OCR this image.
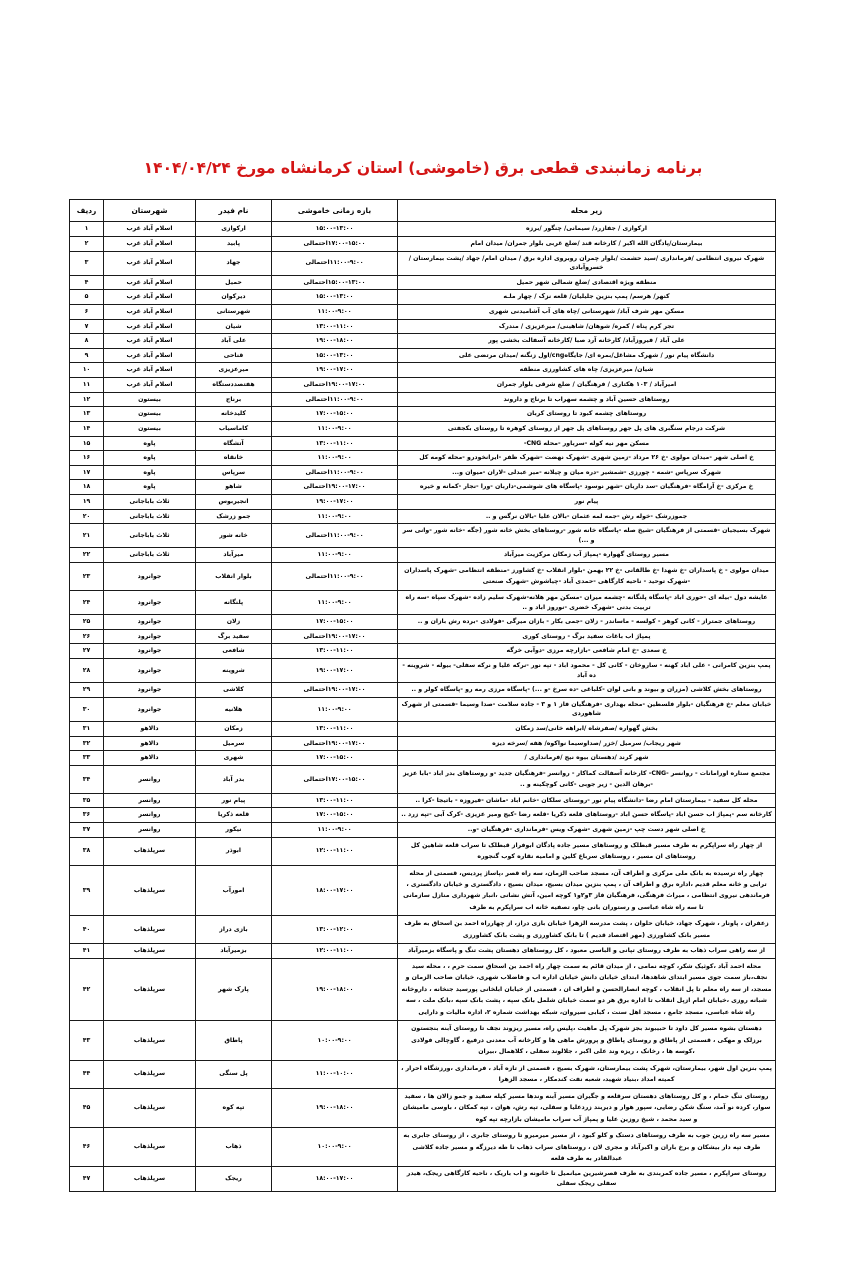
برنامه زمانبندی قطعی برق (خاموشی) استان کرمانشاه مورخ ۱۴۰۴/۰۴/۲۴
زیر محله	بازه زمانی خاموشی	نام فیدر	شهرستان	ردیف
ارکوازی / جفازرد/ سیمانی/ چنگور /برزه	۱۵:۰۰-۱۳:۰۰	ارکوازی	اسلام آباد غرب	۱
بیمارستان/پادگان الله اکبر / کارخانه قند /ضلع غربی بلوار جمران/ میدان امام	۱۷:۰۰-۱۵:۰۰احتمالی	پابید	اسلام آباد غرب	۲
شهرک نیروی انتظامی /فرمانداری /سید حشمت /بلوار چمران روبروی اداره برق / میدان امام/ جهاد /پشت بیمارستان / خسروآبادی	۱۱:۰۰-۹:۰۰احتمالی	جهاد	اسلام آباد غرب	۳
منطقه ویژه اقتصادی /ضلع شمالی شهر حمیل	۱۵:۰۰-۱۳:۰۰احتمالی	حمیل	اسلام آباد غرب	۴
کنهر/ هرسم/ پمپ بنزین جلیلیان/ قلعه نزک / چهار ملـه	۱۵:۰۰-۱۳:۰۰	دیرکوان	اسلام آباد غرب	۵
مسکن مهر شرف آباد/ شهرستانی /چاه های آب آشامیدنی شهری	۱۱:۰۰-۹:۰۰	شهرستانی	اسلام آباد غرب	۶
تجر کرم پناه / کمره/ شوهان/ شاهینی/ میرعزیزی / مندرک	۱۳:۰۰-۱۱:۰۰	شیان	اسلام آباد غرب	۷
علی آباد / فیروزآباد/ کارخانه آرد صبا /کارخانه آسفالت بخشی پور	۱۹:۰۰-۱۸:۰۰	علی آباد	اسلام آباد غرب	۸
دانشگاه پیام نور / شهرک مشاغل/بمره ای/ جایگاهcng/اول زنگنه /میدان مرتضی علی	۱۵:۰۰-۱۳:۰۰	قناحی	اسلام آباد غرب	۹
شیان/ میرعزیزی/ چاه های کشاورزی منطقه	۱۹:۰۰-۱۷:۰۰	میرعزیزی	اسلام آباد غرب	۱۰
امیرآباد / ۱۰۳ هکتاری / فرهنگیان / ضلع شرقی بلوار جمران	۱۹:۰۰-۱۷:۰۰احتمالی	هفتصددستگاه	اسلام آباد غرب	۱۱
روستاهای حسین آباد و چشمه سهراب تا برناج و داروند	۱۱:۰۰-۹:۰۰احتمالی	برناج	بیستون	۱۲
روستاهای چشمه کبود تا روستای کربان	۱۷:۰۰-۱۵:۰۰	کلیدخانه	بیستون	۱۳
شرکت درجام سنگبری های پل جهر روستاهای پل جهر از روستای کوهره تا روستای بکجفتی	۱۱:۰۰-۹:۰۰	کاماسیاب	بیستون	۱۴
مسکن مهر نیه کوله -سرباور -محله CNG-	۱۳:۰۰-۱۱:۰۰	آتشگاه	پاوه	۱۵
خ اصلی شهر -میدان مولوی -خ ۲۶ مرداد -زمین شهری -شهرک نهضت -شهرک ظفر -ایرانخودرو -محله کومه کل	۱۱:۰۰-۹:۰۰	خانقاه	پاوه	۱۶
شهرک سرپاس -شمه - چورزی -شمشیر -دره میان و چیلانه -میر عبدلی -لاران -میوان و...	۱۱:۰۰-۹:۰۰احتمالی	سرپاس	پاوه	۱۷
خ مرکزی -خ آرامگاه -فرهنگیان -سد داربان -شهر نوسود -پاسگاه های شوشمی-داربان -ورا -نجار -کمانه و خیره	۱۹:۰۰-۱۷:۰۰احتمالی	شاهو	پاوه	۱۸
پیام نور	۱۹:۰۰-۱۷:۰۰	انجیربوس	ثلاث باباجانی	۱۹
جموزرشک -خوله رش -جمه لمه عثمان -بالان علیا -بالان نرگس و ..	۱۱:۰۰-۹:۰۰	جمو زرشک	ثلاث باباجانی	۲۰
شهرک بسیجیان -قسمتی از فرهنگیان -شیخ صله -پاسگاه خانه شور -روستاهای بخش خانه شور (جگه -خانه شور -وانی سر و ...)	۱۱:۰۰-۹:۰۰احتمالی	خانه شور	ثلاث باباجانی	۲۱
مسیر روستای گهواره -پمپاژ آب زمکان مرکزیت میرآباد	۱۱:۰۰-۹:۰۰	میرآباد	ثلاث باباجانی	۲۲
میدان مولوی - خ پاسداران -خ شهدا -خ طالقانی -خ ۲۲ بهمن -بلوار انقلاب -خ کشاورز -منطقه انتظامی -شهرک پاسداران -شهرک توحید - ناحیه کارگاهی -حمدی آباد -چیاشوش -شهرک صنعتی	۱۱:۰۰-۹:۰۰احتمالی	بلوار انقلاب	جوانرود	۲۳
عایشه دول -بیله ای -حوری اباد -پاسگاه پلنگانه -چشمه میران -مسکن مهر هلانه-شهرک سلیم زاده -شهرک سپاه -سه راه تربیت بدنی -شهرک خضری -نوروز اباد و ..	۱۱:۰۰-۹:۰۰	پلنگانه	جوانرود	۲۴
روستاهای جمتراز - کانی کوهر - کولسه - ماساندر - زلان -جمی بکار - بازان میرگی -فولادی -بردە رش بازان و ..	۱۷:۰۰-۱۵:۰۰	زلان	جوانرود	۲۵
پمپاژ اب باغات سفید برگ - روستای کوری	۱۹:۰۰-۱۷:۰۰احتمالی	سفید برگ	جوانرود	۲۶
خ سعدی -خ امام شافعی -بازارچه مرزی -دوآبی خرگه	۱۳:۰۰-۱۱:۰۰	شافعی	جوانرود	۲۷
پمپ بنزین کامرانی - علی اباد کهنه - ساروخان - کانی کل - محمود اباد - تپه نور -نرکه علیا و نرکه سفلی- بیوله - شروینه - ده آباد	۱۹:۰۰-۱۷:۰۰	شروینه	جوانرود	۲۸
روستاهای بخش کلاشی (مزران و بیوند و بانی لوان -کلباغی -ده سرخ -و ...) -پاسگاه مرزی رمه رو -پاسگاه کولر و ..	۱۹:۰۰-۱۷:۰۰احتمالی	کلاشی	جوانرود	۲۹
خیابان معلم -خ فرهنگیان -بلوار فلسطین -محله بهداری -فرهنگیان فاز ۱ و ۳ - جاده سلامت -صدا وسیما -قسمتی از شهرک شاهوردی	۱۱:۰۰-۹:۰۰	هلانیه	جوانرود	۳۰
بخش گهواره /صفرشاه /ابراهه خانی/سد زمکان	۱۳:۰۰-۱۱:۰۰	زمکان	دالاهو	۳۱
شهر ریجاب/ سرمیل /خزر /صداوسیما نواکوه/ هفه /سرخه دیزه	۱۹:۰۰-۱۷:۰۰احتمالی	سرمیل	دالاهو	۳۲
شهر کرند /دهستان بیوه نیج /فرمانداری /	۱۷:۰۰-۱۵:۰۰	شهری	دالاهو	۳۳
مجتمع ستاره اورامانات - روانسر -CNG- کارخانه آسفالت کماکار - روانسر -فرهنگیان جدید -و روستاهای بدر اباد -بابا عزیز -برهان الدین - زیر جوبی -کانی کوچکینه و ..	۱۷:۰۰-۱۵:۰۰احتمالی	بدر آباد	روانسر	۳۴
محله کل سفید - بیمارستان امام رضا -دانشگاه پیام نور -روستای سلکان -خانم اباد -ماشان -فیروزه - باتیجا -کرا ..	۱۳:۰۰-۱۱:۰۰	پیام نور	روانسر	۳۵
کارخانه سم -پمپاژ اب حسن اباد -پاسگاه حسن اباد -روستاهای قلعه ذکریا -قلعه رضا -کیج ومیر عزیزی -کرک آبی -تپه زرد ..	۱۷:۰۰-۱۵:۰۰	قلعه ذکریا	روانسر	۳۶
خ اصلی شهر دست چپ -زمین شهری -شهرک ویس -فرمانداری -فرهنگیان -و..	۱۱:۰۰-۹:۰۰	نیکور	روانسر	۳۷
از چهار راه سراپکرم به طرف مسیر قبطلک و روستاهای مسیر جاده پادگان ابوفراز قبطلک تا سراب قلعه شاهین کل روستاهای ان مسیر ، روستاهای سرباغ کلین و امامیه نقاره کوب گنجوره	۱۲:۰۰-۱۱:۰۰	ابوذر	سرپلذهاب	۳۸
چهار راه ترسیده به بانک ملی مرکزی و اطراف آن، مسجد صاحب الزمان، سه راه قصر ،پاساژ پردیس، قسمتی از محله ترابی و خانه معلم قدیم ،اداره برق و اطراف آن ، پمپ بنزین میدان بسیج، میدان بسیج ، دادگستری و خیابان دادگستری ، فرماندهی نیروی انتظامی ، میراث فرهنگی، فرهنگیان فاز ۳و۲و۱ کوچه امین، آتش نشانی ،انبار شهرداری منازل سازمانی تا سه راه شاه عباسی و رستوران بانی چاو، تصفیه خانه اب سراپکرم به طرف	۱۸:۰۰-۱۷:۰۰	امورآب	سرپلذهاب	۳۹
زعفران ، پاونار ، شهرک جهاد، خیابان حلوان ، پشت مدرسه الزهرا خیابان بازی دراز، از چهارراه احمد بن اسحاق به طرف مسیر بانک کشاورزی (مهر اقتصاد قدیم ) تا بانک کشاورزی و پشت بانک کشاورزی	۱۳:۰۰-۱۲:۰۰	بازی دراز	سرپلذهاب	۴۰
از سه راهی سراب ذهاب به طرف روستای تپانی و الباسی معبود ، کل روستاهای دهستان پشت تنگ و پاسگاه بزمیرآباد	۱۲:۰۰-۱۱:۰۰	بزمیرآباد	سرپلذهاب	۴۱
محله احمد آباد ،کوثیک شکر، کوچه نمامی ، از میدان قائم به سمت چهار راه احمد بن اسحاق سمت حرم ، ، محله سید نجف،باز سمت جوی مسیر ابتدای شاهدها، ابتدای خیابان دانش خیابان اداره اب و فاضلاب شهری، خیابان صاحب الزمان و مسجد، از سه راه معلم تا پل انقلاب ، کوچه انصارالحسن و اطراف ان ، قسمتی از خیابان ابلخانی پورسید جنخانه ، داروخانه شبانه روزی ،خیابان امام ازپل انقلاب تا اداره برق هر دو سمت خیابان شلمل بانک سپه ، پشت بانک سپه ،بانک ملت ، سه راه شاه عباسی، مسجد جامع ، مسجد اهل سنت ، کبابی سیروان، شبکه بهداشت شماره ۲، اداره مالیات و دارایی	۱۹:۰۰-۱۸:۰۰	پارک شهر	سرپلذهاب	۴۲
دهستان بشوه مسیر کل داود تا حبیبوند بجز شهرک پل ماهیت ،پلیس راه، مسیر ریزوند نجف تا روستای آبنه بنجستون برزلک و مهکی ، قسمتی از پاطاق و روستای پاطاق و پرورش ماهی ها و کارخانه آب معدنی درفیع ، گاوچالی فولادی ،کوسه ها ، رخانک ، ریزه وند علی اکبر ، جلالوند سفلی ، کلاهمال ،بیران	۱۰:۰۰-۹:۰۰	پاطاق	سرپلذهاب	۴۳
پمپ بنزین اول شهر، بیمارستان، شهرک پشت بیمارستان، شهرک بسیج ، قسمتی از تازه آباد ، فرمانداری ،ورزشگاه احرار ، کمیته امداد ،بنیاد شهید، شعبه نفت کندمکار ، مسجد الزهرا	۱۱:۰۰-۱۰:۰۰	پل سنگی	سرپلذهاب	۴۴
روستای تنگ حمام ، و کل روستاهای دهستان سرقلعه و جگیران مسیر آبنه وندها مسیر کپله سفید و جمو زالان ها ، سفید سوار، کرده نو آمد، سنگ شکن رضایی، سپور هوار و دیربند زردعلیا و سفلی، تپه رش، هوان ، تپه کمکان ، باوسی مامیشان و سید محمد ، شیخ روزین علیا و پمپاژ آب سراب مامیشان بازارچه تپه کوه	۱۹:۰۰-۱۸:۰۰	تپه کوه	سرپلذهاب	۴۵
مسیر سه راه زرین جوب به طرف روستاهای دستک و کلو کبود ، از مسیر میرمیرو تا روستای جابری ، از روستای جابری به طرف تپه دار بیشکان و برخ باران و اکبرآباد و مجری لان ، روستاهای سراب ذهاب تا طه دیرزگه و مسیر جاده کلاشی عبدالقادر به طرف قلعه	۱۰:۰۰-۹:۰۰	ذهاب	سرپلذهاب	۴۶
روستای سراپکرم ، مسیر جاده کمربندی به طرف قصرشیرین میانمیل تا خانونه و اب باریک ، ناحیه کارگاهی ریجک، هیدر سفلی ریجک سفلی	۱۸:۰۰-۱۷:۰۰	ریجک	سرپلذهاب	۴۷
